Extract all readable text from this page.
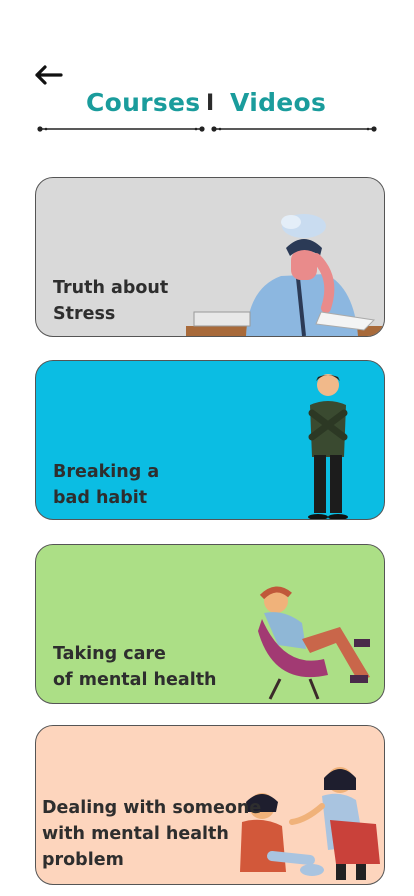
Courses I Videos
Truth about
Stress
Breaking a
bad habit
Taking care
of mental health
Dealing with someone
with mental health
problem
